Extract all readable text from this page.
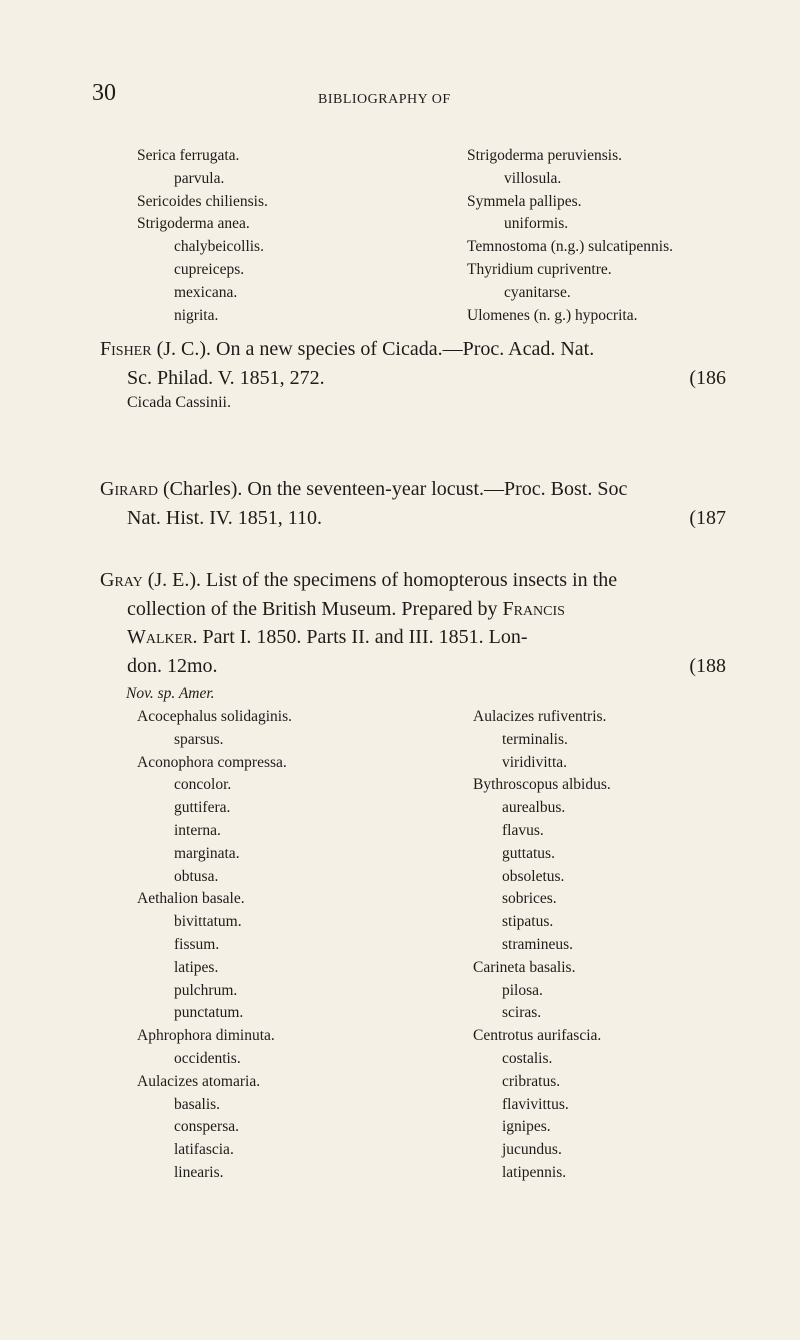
30	BIBLIOGRAPHY OF
Serica ferrugata.
parvula.
Sericoides chiliensis.
Strigoderma anea.
chalybeicollis.
cupreiceps.
mexicana.
nigrita.
Strigoderma peruviensis.
villosula.
Symmela pallipes.
uniformis.
Temnostoma (n.g.) sulcatipennis.
Thyridium cupriventre.
cyanitarse.
Ulomenes (n. g.) hypocrita.
Fisher (J. C.). On a new species of Cicada.—Proc. Acad. Nat.
Sc. Philad. V. 1851, 272.	(186
Cicada Cassinii.
Girard (Charles). On the seventeen-year locust.—Proc. Bost. Soc
Nat. Hist. IV. 1851, 110.	(187
Gray (J. E.). List of the specimens of homopterous insects in the
collection of the British Museum. Prepared by Francis
Walker. Part I. 1850. Parts II. and III. 1851. Lon-
don. 12mo.	(188
Nov. sp. Amer.
Acocephalus solidaginis.
sparsus.
Aconophora compressa.
concolor.
guttifera.
interna.
marginata.
obtusa.
Aethalion basale.
bivittatum.
fissum.
latipes.
pulchrum.
punctatum.
Aphrophora diminuta.
occidentis.
Aulacizes atomaria.
basalis.
conspersa.
latifascia.
linearis.
Aulacizes rufiventris.
terminalis.
viridivitta.
Bythroscopus albidus.
aurealbus.
flavus.
guttatus.
obsoletus.
sobrices.
stipatus.
stramineus.
Carineta basalis.
pilosa.
sciras.
Centrotus aurifascia.
costalis.
cribratus.
flavivittus.
ignipes.
jucundus.
latipennis.
